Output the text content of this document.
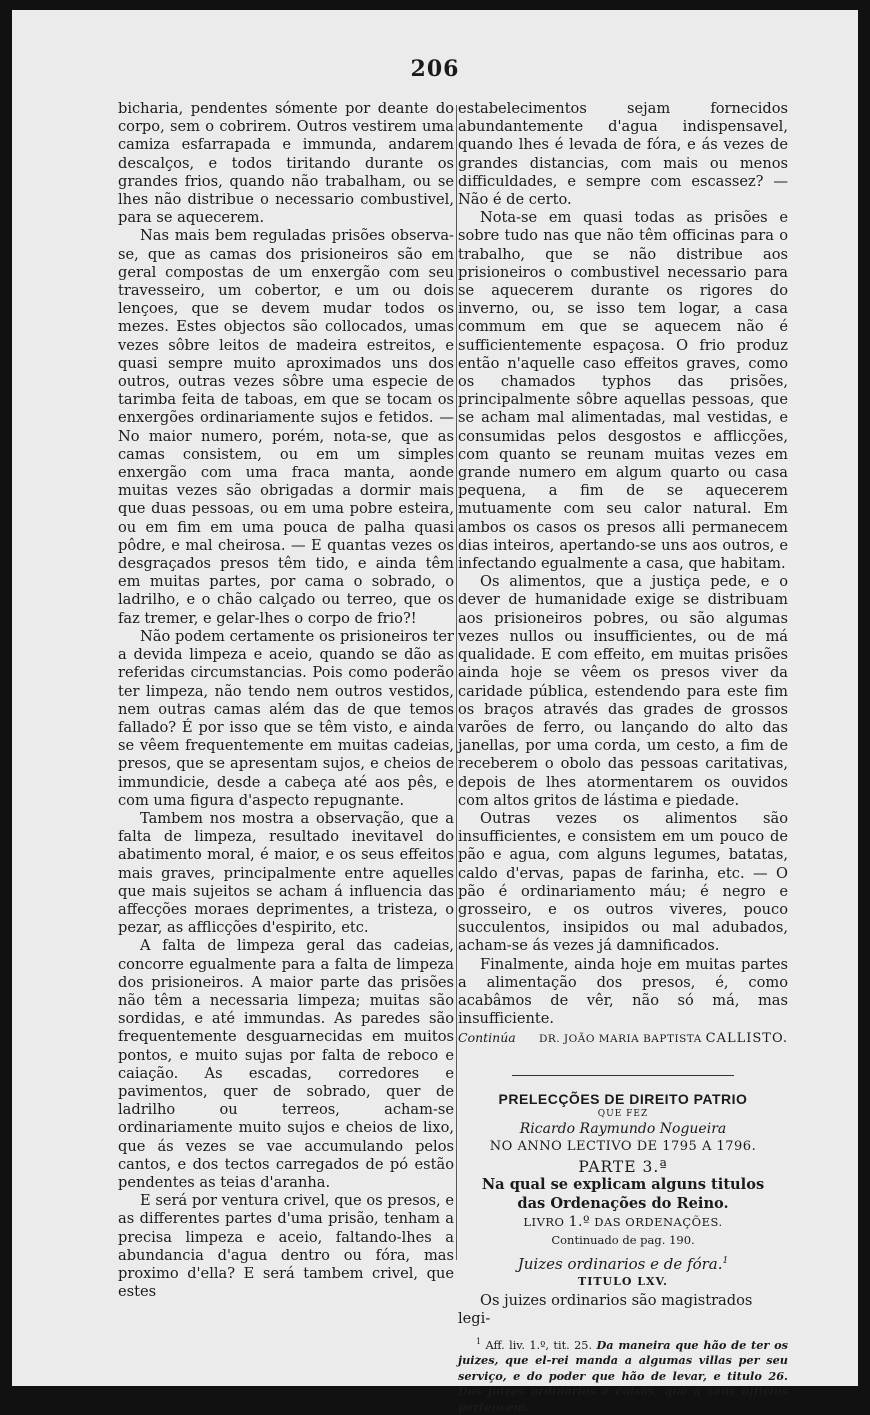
206

bicharia, pendentes sómente por deante do corpo, sem o cobrirem. Outros vestirem uma camiza esfarrapada e immunda, andarem descalços, e todos tiritando durante os grandes frios, quando não trabalham, ou se lhes não distribue o necessario combustivel, para se aquecerem.

Nas mais bem reguladas prisões observa-se, que as camas dos prisioneiros são em geral compostas de um enxergão com seu travesseiro, um cobertor, e um ou dois lençoes, que se devem mudar todos os mezes. Estes objectos são collocados, umas vezes sôbre leitos de madeira estreitos, e quasi sempre muito aproximados uns dos outros, outras vezes sôbre uma especie de tarimba feita de taboas, em que se tocam os enxergões ordinariamente sujos e fetidos. — No maior numero, porém, nota-se, que as camas consistem, ou em um simples enxergão com uma fraca manta, aonde muitas vezes são obrigadas a dormir mais que duas pessoas, ou em uma pobre esteira, ou em fim em uma pouca de palha quasi pôdre, e mal cheirosa. — E quantas vezes os desgraçados presos têm tido, e ainda têm em muitas partes, por cama o sobrado, o ladrilho, e o chão calçado ou terreo, que os faz tremer, e gelar-lhes o corpo de frio?!

Não podem certamente os prisioneiros ter a devida limpeza e aceio, quando se dão as referidas circumstancias. Pois como poderão ter limpeza, não tendo nem outros vestidos, nem outras camas além das de que temos fallado? É por isso que se têm visto, e ainda se vêem frequentemente em muitas cadeias, presos, que se apresentam sujos, e cheios de immundicie, desde a cabeça até aos pês, e com uma figura d'aspecto repugnante.

Tambem nos mostra a observação, que a falta de limpeza, resultado inevitavel do abatimento moral, é maior, e os seus effeitos mais graves, principalmente entre aquelles que mais sujeitos se acham á influencia das affecções moraes deprimentes, a tristeza, o pezar, as afflicções d'espirito, etc.

A falta de limpeza geral das cadeias, concorre egualmente para a falta de limpeza dos prisioneiros. A maior parte das prisões não têm a necessaria limpeza; muitas são sordidas, e até immundas. As paredes são frequentemente desguarnecidas em muitos pontos, e muito sujas por falta de reboco e caiação. As escadas, corredores e pavimentos, quer de sobrado, quer de ladrilho ou terreos, acham-se ordinariamente muito sujos e cheios de lixo, que ás vezes se vae accumulando pelos cantos, e dos tectos carregados de pó estão pendentes as teias d'aranha.

E será por ventura crivel, que os presos, e as differentes partes d'uma prisão, tenham a precisa limpeza e aceio, faltando-lhes a abundancia d'agua dentro ou fóra, mas proximo d'ella? E será tambem crivel, que estes

estabelecimentos sejam fornecidos abundantemente d'agua indispensavel, quando lhes é levada de fóra, e ás vezes de grandes distancias, com mais ou menos difficuldades, e sempre com escassez? — Não é de certo.

Nota-se em quasi todas as prisões e sobre tudo nas que não têm officinas para o trabalho, que se não distribue aos prisioneiros o combustivel necessario para se aquecerem durante os rigores do inverno, ou, se isso tem logar, a casa commum em que se aquecem não é sufficientemente espaçosa. O frio produz então n'aquelle caso effeitos graves, como os chamados typhos das prisões, principalmente sôbre aquellas pessoas, que se acham mal alimentadas, mal vestidas, e consumidas pelos desgostos e afflicções, com quanto se reunam muitas vezes em grande numero em algum quarto ou casa pequena, a fim de se aquecerem mutuamente com seu calor natural. Em ambos os casos os presos alli permanecem dias inteiros, apertando-se uns aos outros, e infectando egualmente a casa, que habitam.

Os alimentos, que a justiça pede, e o dever de humanidade exige se distribuam aos prisioneiros pobres, ou são algumas vezes nullos ou insufficientes, ou de má qualidade. E com effeito, em muitas prisões ainda hoje se vêem os presos viver da caridade pública, estendendo para este fim os braços através das grades de grossos varões de ferro, ou lançando do alto das janellas, por uma corda, um cesto, a fim de receberem o obolo das pessoas caritativas, depois de lhes atormentarem os ouvidos com altos gritos de lástima e piedade.

Outras vezes os alimentos são insufficientes, e consistem em um pouco de pão e agua, com alguns legumes, batatas, caldo d'ervas, papas de farinha, etc. — O pão é ordinariamento máu; é negro e grosseiro, e os outros viveres, pouco succulentos, insipidos ou mal adubados, acham-se ás vezes já damnificados.

Finalmente, ainda hoje em muitas partes a alimentação dos presos, é, como acabâmos de vêr, não só má, mas insufficiente.

Continúa DR. JOÃO MARIA BAPTISTA CALLISTO.
PRELECÇÕES DE DIREITO PATRIO
QUE FEZ
Ricardo Raymundo Nogueira
NO ANNO LECTIVO DE 1795 A 1796.
PARTE 3.ª
Na qual se explicam alguns titulos
das Ordenações do Reino.
LIVRO 1.º DAS ORDENAÇÕES.
Continuado de pag. 190.
Juizes ordinarios e de fóra.$^1$
TITULO LXV.

Os juizes ordinarios são magistrados legi-

$^1$ Aff. liv. 1.º, tit. 25. Da maneira que hão de ter os juizes, que el-rei manda a algumas villas per seu serviço, e do poder que hão de levar, e titulo 26. Dos juizes ordinarios e coisas, que a seus officios pertencem.
